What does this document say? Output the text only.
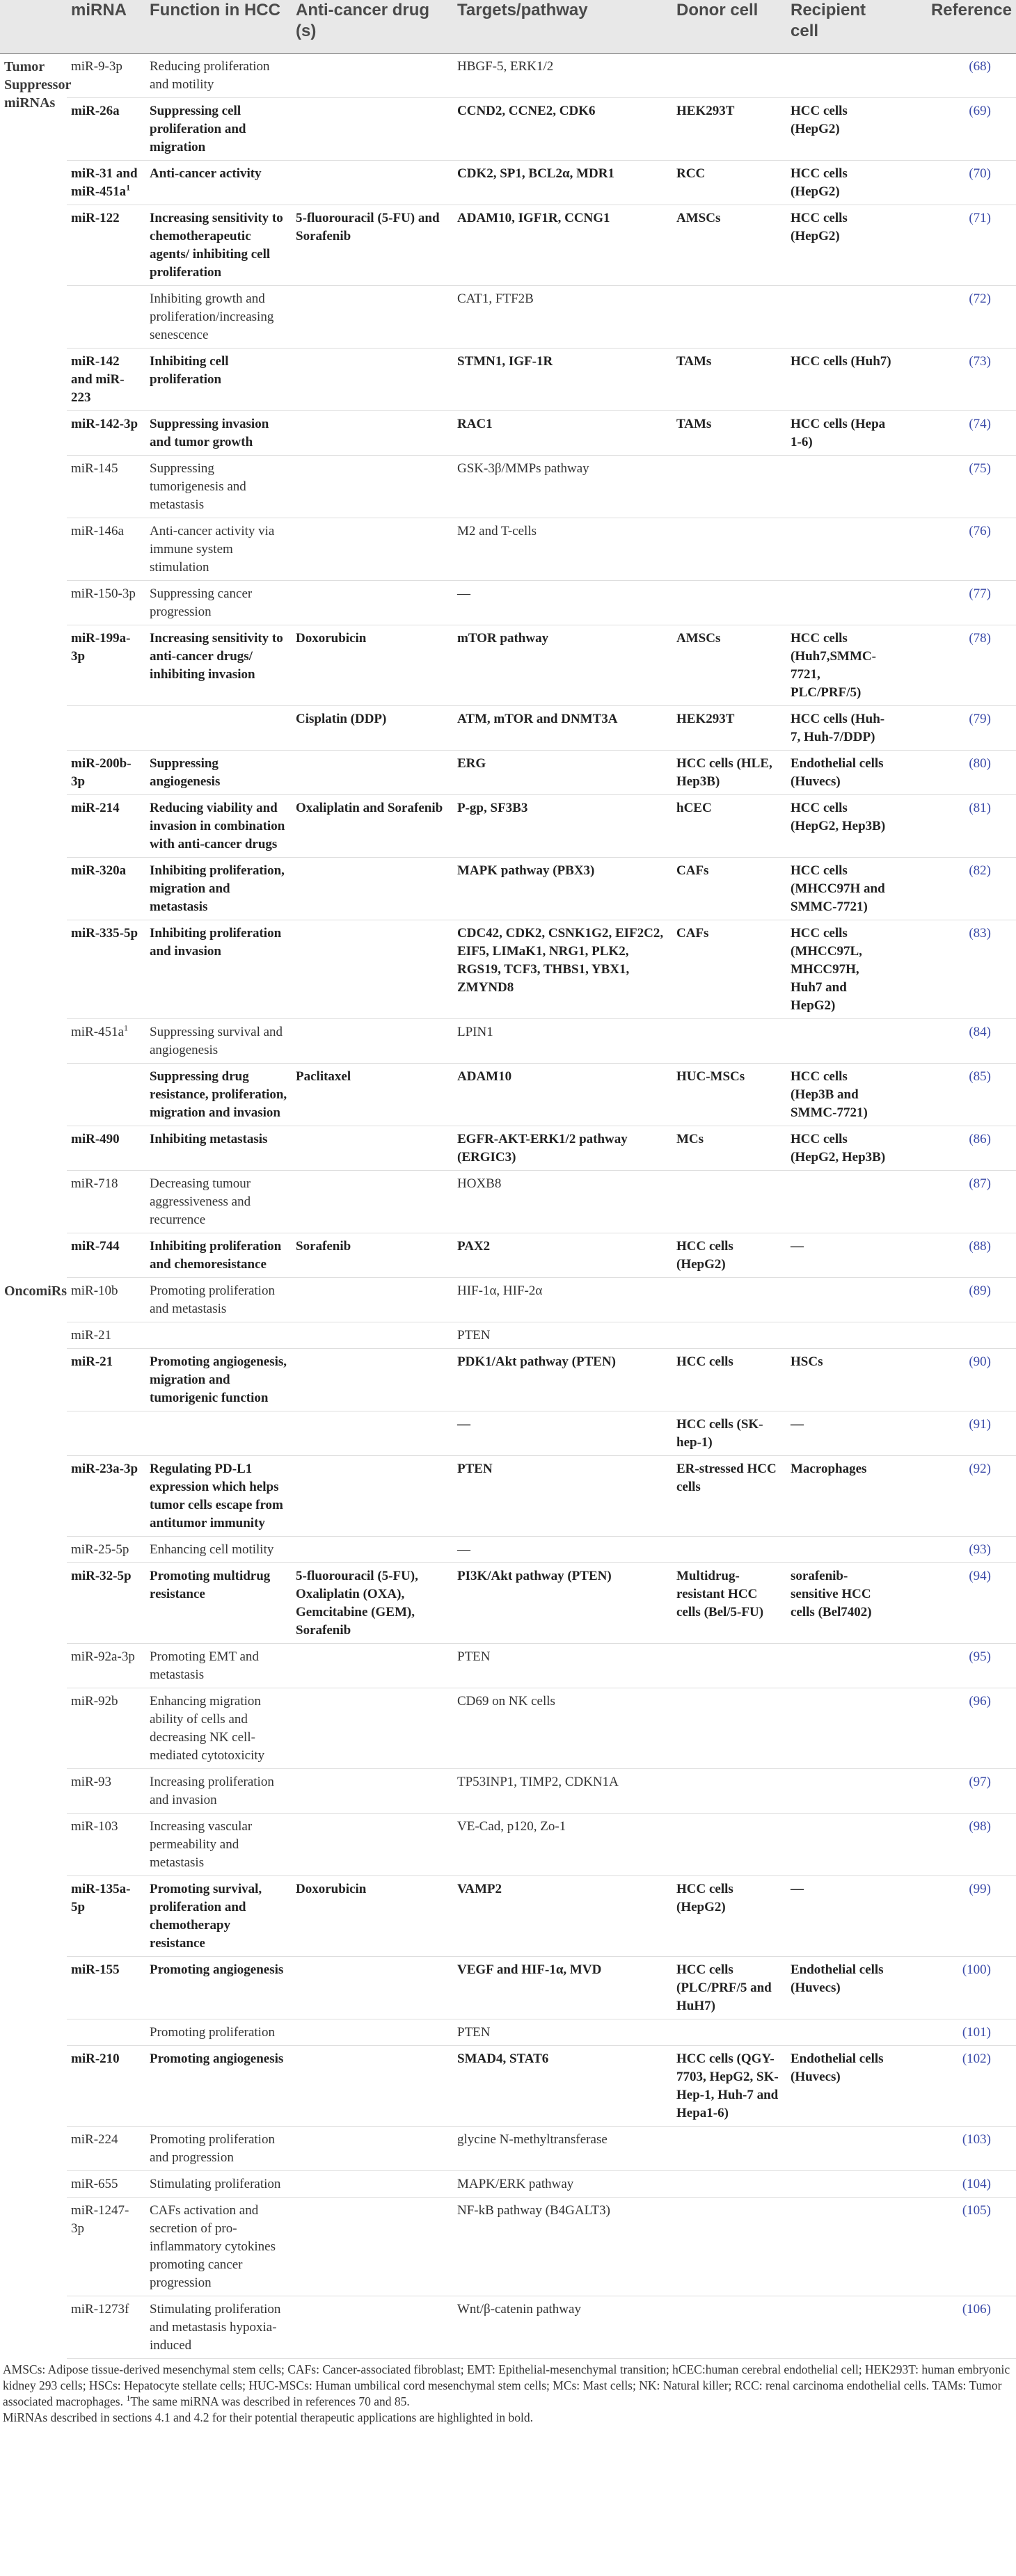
	miRNA	Function in HCC	Anti-cancer drug (s)	Targets/pathway	Donor cell	Recipient cell	Reference
Tumor Suppressor miRNAs	miR-9-3p	Reducing proliferation and motility		HBGF-5, ERK1/2			( 68 )
	miR-26a	Suppressing cell proliferation and migration		CCND2, CCNE2, CDK6	HEK293T	HCC cells (HepG2)	( 69 )
	miR-31 and miR-$451a^1$	Anti-cancer activity		CDK2, SP1, BCL2α, MDR1	RCC	HCC cells (HepG2)	( 70 )
	miR-122	Increasing sensitivity to chemotherapeutic agents/ inhibiting cell proliferation	5-fluorouracil (5-FU) and Sorafenib	ADAM10, IGF1R, CCNG1	AMSCs	HCC cells (HepG2)	( 71 )
		Inhibiting growth and proliferation/increasing senescence		CAT1, FTF2B			( 72 )
	miR-142 and miR-223	Inhibiting cell proliferation		STMN1, IGF-1R	TAMs	HCC cells (Huh7)	( 73 )
	miR-142-3p	Suppressing invasion and tumor growth		RAC1	TAMs	HCC cells (Hepa 1-6)	( 74 )
	miR-145	Suppressing tumorigenesis and metastasis		GSK-3β/MMPs pathway			( 75 )
	miR-146a	Anti-cancer activity via immune system stimulation		M2 and T-cells			( 76 )
	miR-150-3p	Suppressing cancer progression		—			( 77 )
	miR-199a-3p	Increasing sensitivity to anti-cancer drugs/ inhibiting invasion	Doxorubicin	mTOR pathway	AMSCs	HCC cells (Huh7,SMMC-7721, PLC/PRF/5)	( 78 )
			Cisplatin (DDP)	ATM, mTOR and DNMT3A	HEK293T	HCC cells (Huh-7, Huh-7/DDP)	( 79 )
	miR-200b-3p	Suppressing angiogenesis		ERG	HCC cells (HLE, Hep3B)	Endothelial cells (Huvecs)	( 80 )
	miR-214	Reducing viability and invasion in combination with anti-cancer drugs	Oxaliplatin and Sorafenib	P-gp, SF3B3	hCEC	HCC cells (HepG2, Hep3B)	( 81 )
	miR-320a	Inhibiting proliferation, migration and metastasis		MAPK pathway (PBX3)	CAFs	HCC cells (MHCC97H and SMMC-7721)	( 82 )
	miR-335-5p	Inhibiting proliferation and invasion		CDC42, CDK2, CSNK1G2, EIF2C2, EIF5, LIMaK1, NRG1, PLK2, RGS19, TCF3, THBS1, YBX1, ZMYND8	CAFs	HCC cells (MHCC97L, MHCC97H, Huh7 and HepG2)	( 83 )
	miR-$451a^1$	Suppressing survival and angiogenesis		LPIN1			( 84 )
		Suppressing drug resistance, proliferation, migration and invasion	Paclitaxel	ADAM10	HUC-MSCs	HCC cells (Hep3B and SMMC-7721)	( 85 )
	miR-490	Inhibiting metastasis		EGFR-AKT-ERK1/2 pathway (ERGIC3)	MCs	HCC cells (HepG2, Hep3B)	( 86 )
	miR-718	Decreasing tumour aggressiveness and recurrence		HOXB8			( 87 )
	miR-744	Inhibiting proliferation and chemoresistance	Sorafenib	PAX2	HCC cells (HepG2)	—	( 88 )
OncomiRs	miR-10b	Promoting proliferation and metastasis		HIF-1α, HIF-2α			( 89 )
	miR-21			PTEN			
	miR-21	Promoting angiogenesis, migration and tumorigenic function		PDK1/Akt pathway (PTEN)	HCC cells	HSCs	( 90 )
				—	HCC cells (SK-hep-1)	—	( 91 )
	miR-23a-3p	Regulating PD-L1 expression which helps tumor cells escape from antitumor immunity		PTEN	ER-stressed HCC cells	Macrophages	( 92 )
	miR-25-5p	Enhancing cell motility		—			( 93 )
	miR-32-5p	Promoting multidrug resistance	5-fluorouracil (5-FU), Oxaliplatin (OXA), Gemcitabine (GEM), Sorafenib	PI3K/Akt pathway (PTEN)	Multidrug-resistant HCC cells (Bel/5-FU)	sorafenib-sensitive HCC cells (Bel7402)	( 94 )
	miR-92a-3p	Promoting EMT and metastasis		PTEN			( 95 )
	miR-92b	Enhancing migration ability of cells and decreasing NK cell-mediated cytotoxicity		CD69 on NK cells			( 96 )
	miR-93	Increasing proliferation and invasion		TP53INP1, TIMP2, CDKN1A			( 97 )
	miR-103	Increasing vascular permeability and metastasis		VE-Cad, p120, Zo-1			( 98 )
	miR-135a-5p	Promoting survival, proliferation and chemotherapy resistance	Doxorubicin	VAMP2	HCC cells (HepG2)	—	( 99 )
	miR-155	Promoting angiogenesis		VEGF and HIF-1α, MVD	HCC cells (PLC/PRF/5 and HuH7)	Endothelial cells (Huvecs)	( 100 )
		Promoting proliferation		PTEN			( 101 )
	miR-210	Promoting angiogenesis		SMAD4, STAT6	HCC cells (QGY-7703, HepG2, SK-Hep-1, Huh-7 and Hepa1-6)	Endothelial cells (Huvecs)	( 102 )
	miR-224	Promoting proliferation and progression		glycine N-methyltransferase			( 103 )
	miR-655	Stimulating proliferation		MAPK/ERK pathway			( 104 )
	miR-1247-3p	CAFs activation and secretion of pro-inflammatory cytokines promoting cancer progression		NF-kB pathway (B4GALT3)			( 105 )
	miR-1273f	Stimulating proliferation and metastasis hypoxia-induced		Wnt/β-catenin pathway			( 106 )

AMSCs: Adipose tissue-derived mesenchymal stem cells; CAFs: Cancer-associated fibroblast; EMT: Epithelial-mesenchymal transition; hCEC:human cerebral endothelial cell; HEK293T: human embryonic kidney 293 cells; HSCs: Hepatocyte stellate cells; HUC-MSCs: Human umbilical cord mesenchymal stem cells; MCs: Mast cells; NK: Natural killer; RCC: renal carcinoma endothelial cells. TAMs: Tumor associated macrophages. $^1$The same miRNA was described in references 70 and 85.

MiRNAs described in sections 4.1 and 4.2 for their potential therapeutic applications are highlighted in bold.
